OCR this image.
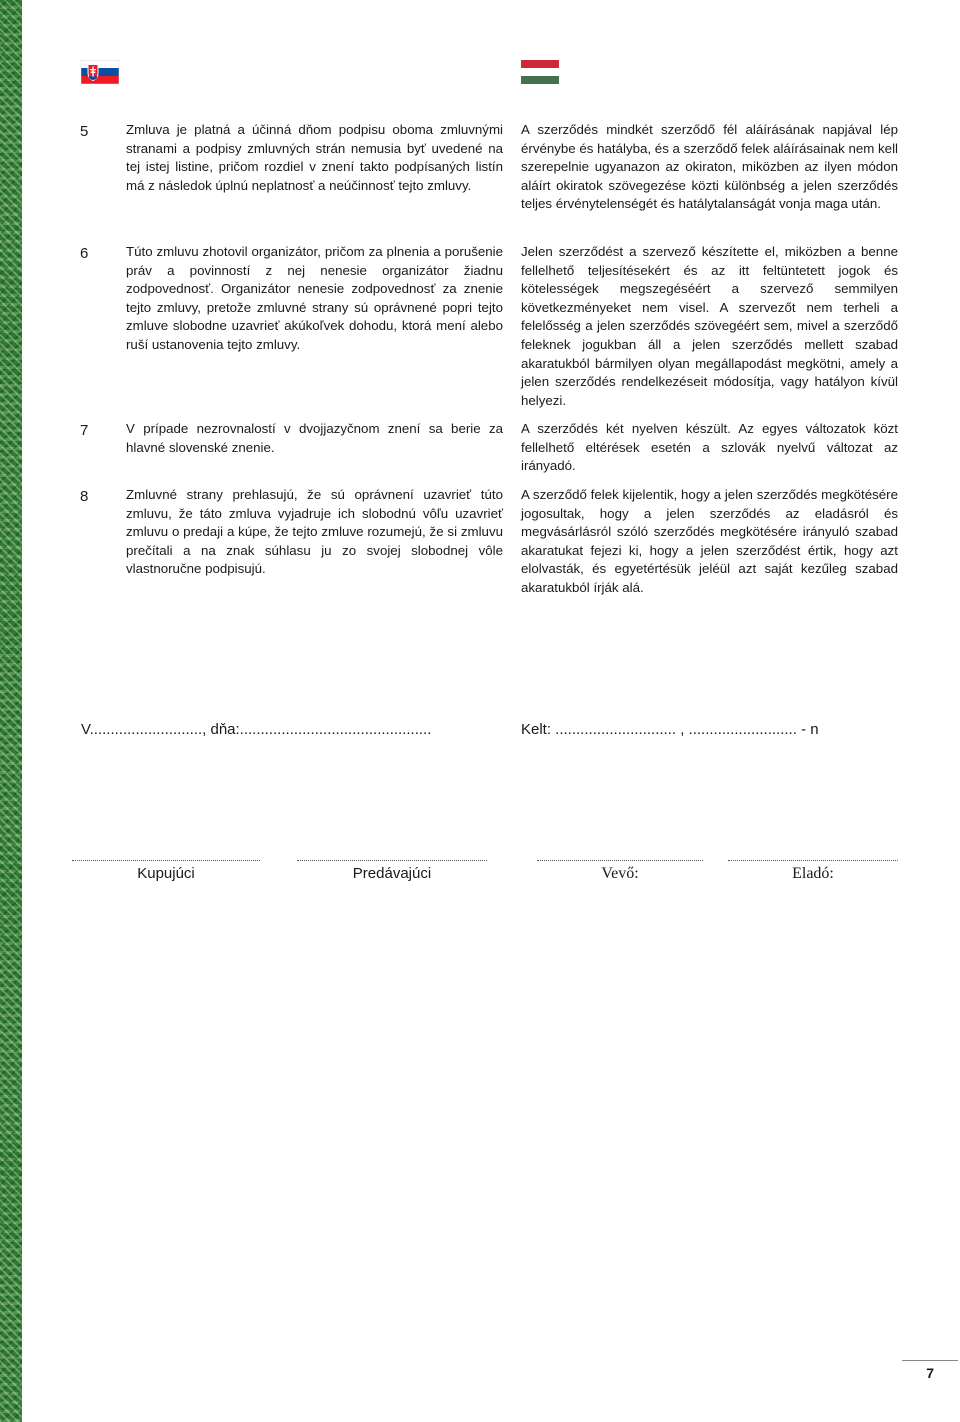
5	Zmluva je platná a účinná dňom podpisu oboma zmluvnými stranami a podpisy zmluvných strán nemusia byť uvedené na tej istej listine, pričom rozdiel v znení takto podpísaných listín má z následok úplnú neplatnosť a neúčinnosť tejto zmluvy.

A szerződés mindkét szerződő fél aláírásának napjával lép érvénybe és hatályba, és a szerződő felek aláírásainak nem kell szerepelnie ugyanazon az okiraton, miközben az ilyen módon aláírt okiratok szövegezése közti különbség a jelen szerződés teljes érvénytelenségét és hatálytalanságát vonja maga után.

6	Túto zmluvu zhotovil organizátor, pričom za plnenia a porušenie práv a povinností z nej nenesie organizátor žiadnu zodpovednosť. Organizátor nenesie zodpovednosť za znenie tejto zmluvy, pretože zmluvné strany sú oprávnené popri tejto zmluve slobodne uzavrieť akúkoľvek dohodu, ktorá mení alebo ruší ustanovenia tejto zmluvy.

Jelen szerződést a szervező készítette el, miközben a benne fellelhető teljesítésekért és az itt feltüntetett jogok és kötelességek megszegéséért a szervező semmilyen következményeket nem visel. A szervezőt nem terheli a felelősség a jelen szerződés szövegéért sem, mivel a szerződő feleknek jogukban áll a jelen szerződés mellett szabad akaratukból bármilyen olyan megállapodást megkötni, amely a jelen szerződés rendelkezéseit módosítja, vagy hatályon kívül helyezi.

7	V prípade nezrovnalostí v dvojjazyčnom znení sa berie za hlavné slovenské znenie.

A szerződés két nyelven készült. Az egyes változatok közt fellelhető eltérések esetén a szlovák nyelvű változat az irányadó.

8	Zmluvné strany prehlasujú, že sú oprávnení uzavrieť túto zmluvu, že táto zmluva vyjadruje ich slobodnú vôľu uzavrieť zmluvu o predaji a kúpe, že tejto zmluve rozumejú, že si zmluvu prečítali a na znak súhlasu ju zo svojej slobodnej vôle vlastnoručne podpisujú.

A szerződő felek kijelentik, hogy a jelen szerződés megkötésére jogosultak, hogy a jelen szerződés az eladásról és megvásárlásról szóló szerződés megkötésére irányuló szabad akaratukat fejezi ki, hogy a jelen szerződést értik, hogy azt elolvasták, és egyetértésük jeléül azt saját kezűleg szabad akaratukból írják alá.

V..........................., dňa:..............................................	Kelt: ............................. , .......................... - n
Kupujúci	Predávajúci	Vevő:	Eladó:
7
